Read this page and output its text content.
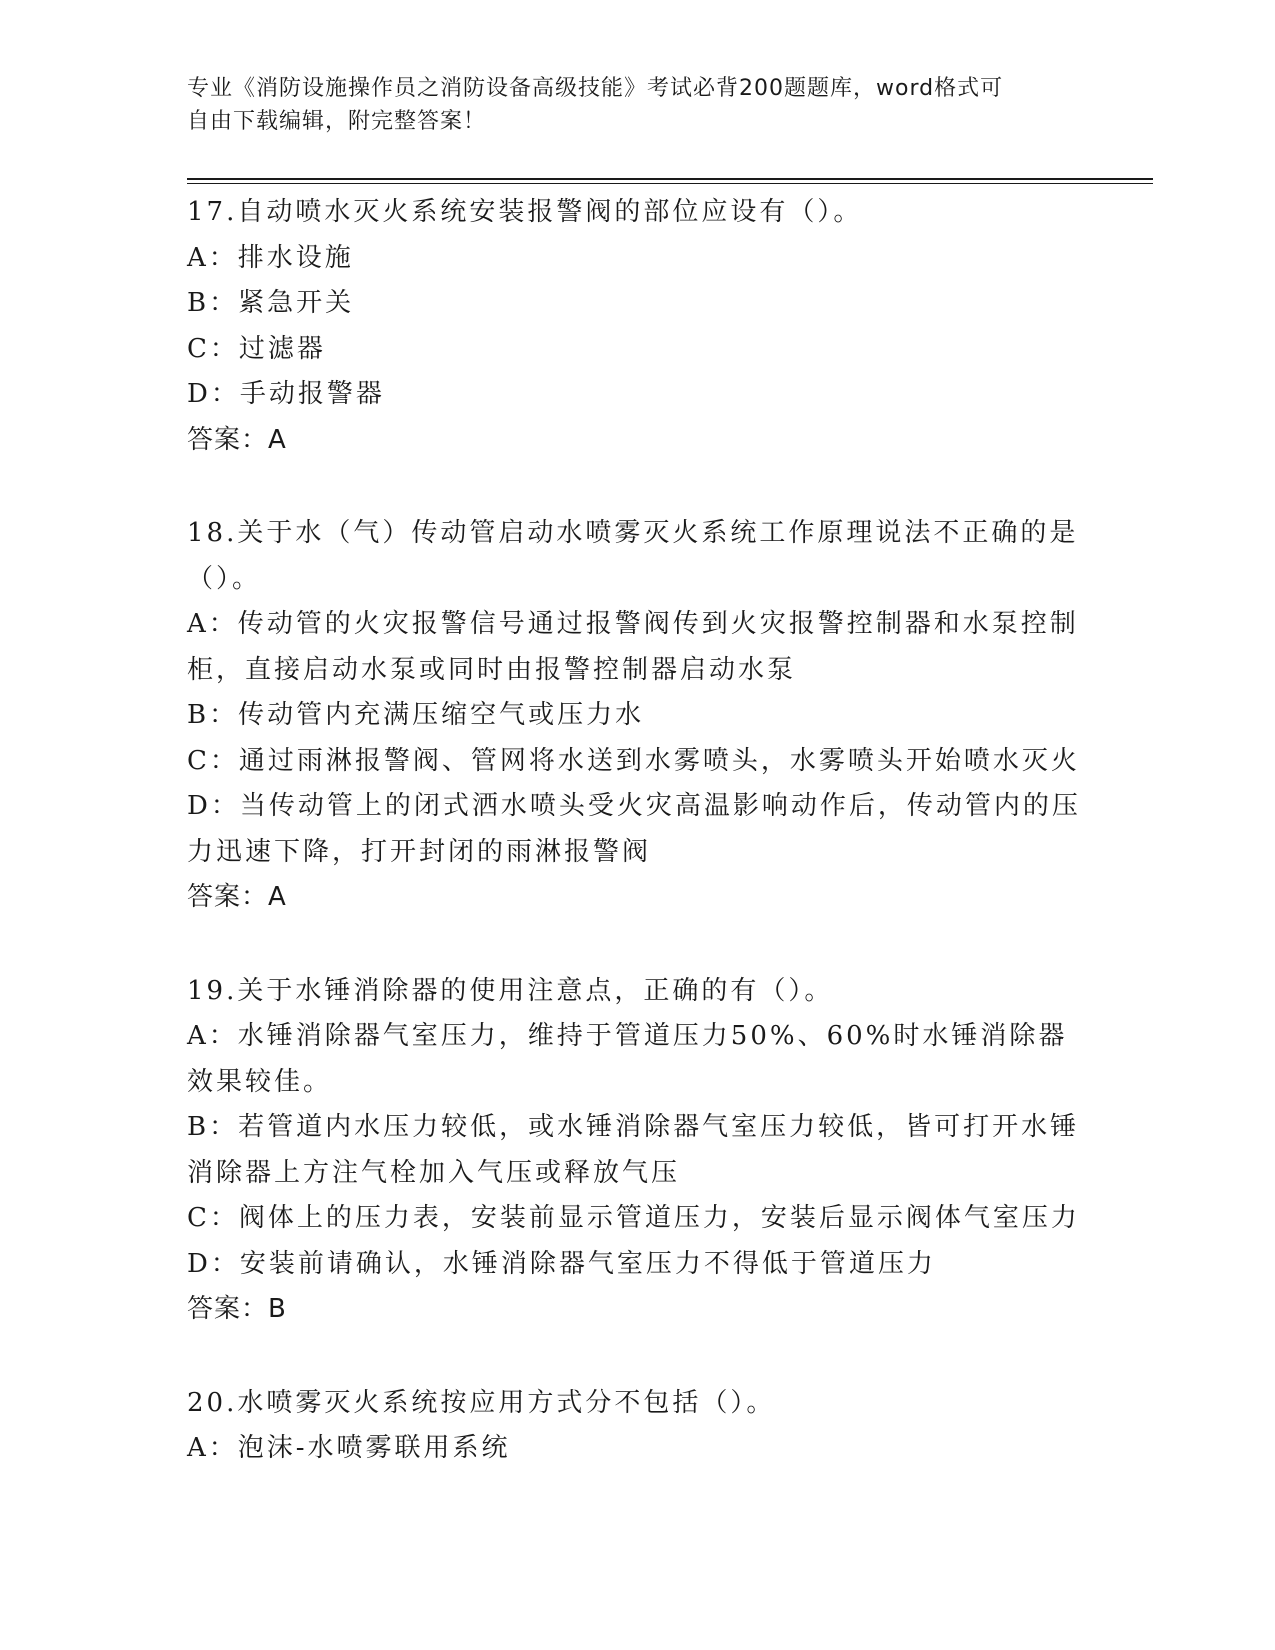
专业《消防设施操作员之消防设备高级技能》考试必背200题题库，word格式可
自由下载编辑，附完整答案！

17.自动喷水灭火系统安装报警阀的部位应设有（）。

A：排水设施

B：紧急开关

C：过滤器

D：手动报警器

答案：A

18.关于水（气）传动管启动水喷雾灭火系统工作原理说法不正确的是（）。

A：传动管的火灾报警信号通过报警阀传到火灾报警控制器和水泵控制柜，直接启动水泵或同时由报警控制器启动水泵

B：传动管内充满压缩空气或压力水

C：通过雨淋报警阀、管网将水送到水雾喷头，水雾喷头开始喷水灭火

D：当传动管上的闭式洒水喷头受火灾高温影响动作后，传动管内的压力迅速下降，打开封闭的雨淋报警阀

答案：A

19.关于水锤消除器的使用注意点，正确的有（）。

A：水锤消除器气室压力，维持于管道压力50%、60%时水锤消除器效果较佳。

B：若管道内水压力较低，或水锤消除器气室压力较低，皆可打开水锤消除器上方注气栓加入气压或释放气压

C：阀体上的压力表，安装前显示管道压力，安装后显示阀体气室压力

D：安装前请确认，水锤消除器气室压力不得低于管道压力

答案：B

20.水喷雾灭火系统按应用方式分不包括（）。

A：泡沫-水喷雾联用系统
